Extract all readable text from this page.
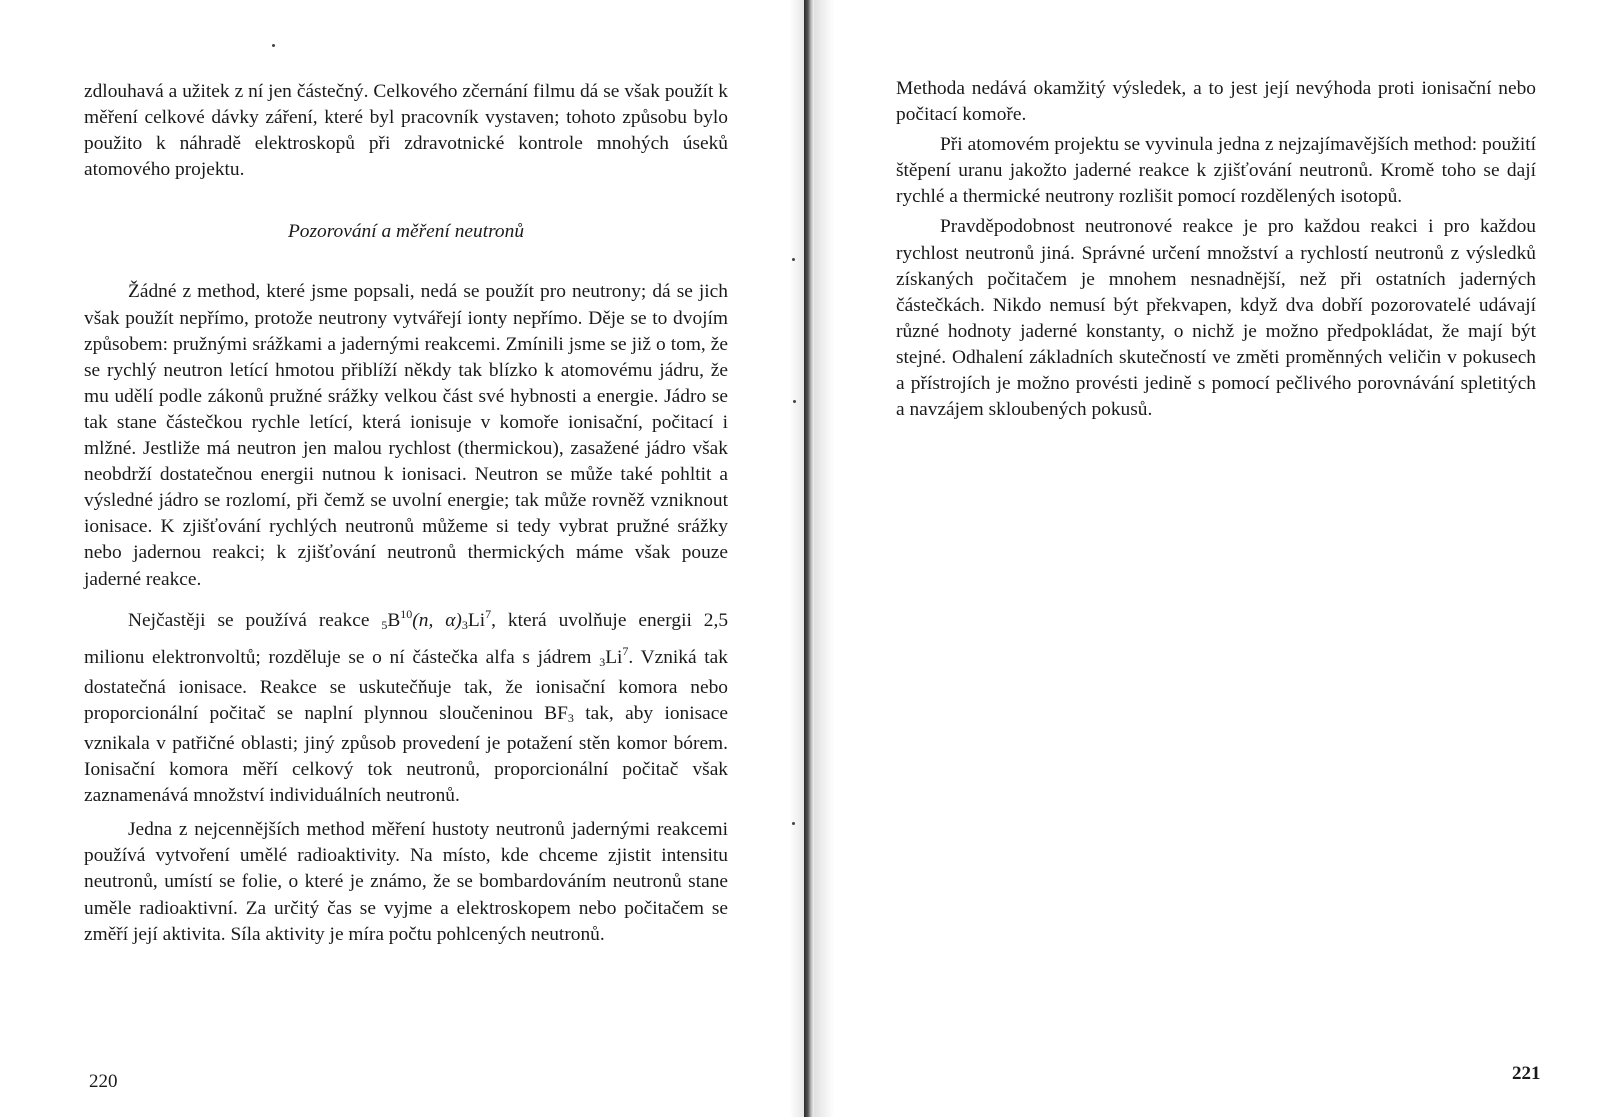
zdlouhavá a užitek z ní jen částečný. Celkového zčernání filmu dá se však použít k měření celkové dávky záření, které byl pracovník vystaven; tohoto způsobu bylo použito k náhradě elektroskopů při zdravotnické kontrole mnohých úseků atomového projektu.

Pozorování a měření neutronů

Žádné z method, které jsme popsali, nedá se použít pro neutrony; dá se jich však použít nepřímo, protože neutrony vytvářejí ionty nepřímo. Děje se to dvojím způsobem: pružnými srážkami a jadernými reakcemi. Zmínili jsme se již o tom, že se rychlý neutron letící hmotou přiblíží někdy tak blízko k atomovému jádru, že mu udělí podle zákonů pružné srážky velkou část své hybnosti a energie. Jádro se tak stane částečkou rychle letící, která ionisuje v komoře ionisační, počitací i mlžné. Jestliže má neutron jen malou rychlost (thermickou), zasažené jádro však neobdrží dostatečnou energii nutnou k ionisaci. Neutron se může také pohltit a výsledné jádro se rozlomí, při čemž se uvolní energie; tak může rovněž vzniknout ionisace. K zjišťování rychlých neutronů můžeme si tedy vybrat pružné srážky nebo jadernou reakci; k zjišťování neutronů thermických máme však pouze jaderné reakce.

Nejčastěji se používá reakce $_5B^{10}(n$, $\alpha)_3Li^7$, která uvolňuje energii 2,5 milionu elektronvoltů; rozděluje se o ní částečka alfa s jádrem $_3Li^7$. Vzniká tak dostatečná ionisace. Reakce se uskutečňuje tak, že ionisační komora nebo proporcionální počitač se naplní plynnou sloučeninou $BF_3$ tak, aby ionisace vznikala v patřičné oblasti; jiný způsob provedení je potažení stěn komor bórem. Ionisační komora měří celkový tok neutronů, proporcionální počitač však zaznamenává množství individuálních neutronů.

Jedna z nejcennějších method měření hustoty neutronů jadernými reakcemi používá vytvoření umělé radioaktivity. Na místo, kde chceme zjistit intensitu neutronů, umístí se folie, o které je známo, že se bombardováním neutronů stane uměle radioaktivní. Za určitý čas se vyjme a elektroskopem nebo počitačem se změří její aktivita. Síla aktivity je míra počtu pohlcených neutronů.

220

Methoda nedává okamžitý výsledek, a to jest její nevýhoda proti ionisační nebo počitací komoře.

Při atomovém projektu se vyvinula jedna z nejzajímavějších method: použití štěpení uranu jakožto jaderné reakce k zjišťování neutronů. Kromě toho se dají rychlé a thermické neutrony rozlišit pomocí rozdělených isotopů.

Pravděpodobnost neutronové reakce je pro každou reakci i pro každou rychlost neutronů jiná. Správné určení množství a rychlostí neutronů z výsledků získaných počitačem je mnohem nesnadnější, než při ostatních jaderných částečkách. Nikdo nemusí být překvapen, když dva dobří pozorovatelé udávají různé hodnoty jaderné konstanty, o nichž je možno předpokládat, že mají být stejné. Odhalení základních skutečností ve změti proměnných veličin v pokusech a přístrojích je možno provésti jedině s pomocí pečlivého porovnávání spletitých a navzájem skloubených pokusů.

221
